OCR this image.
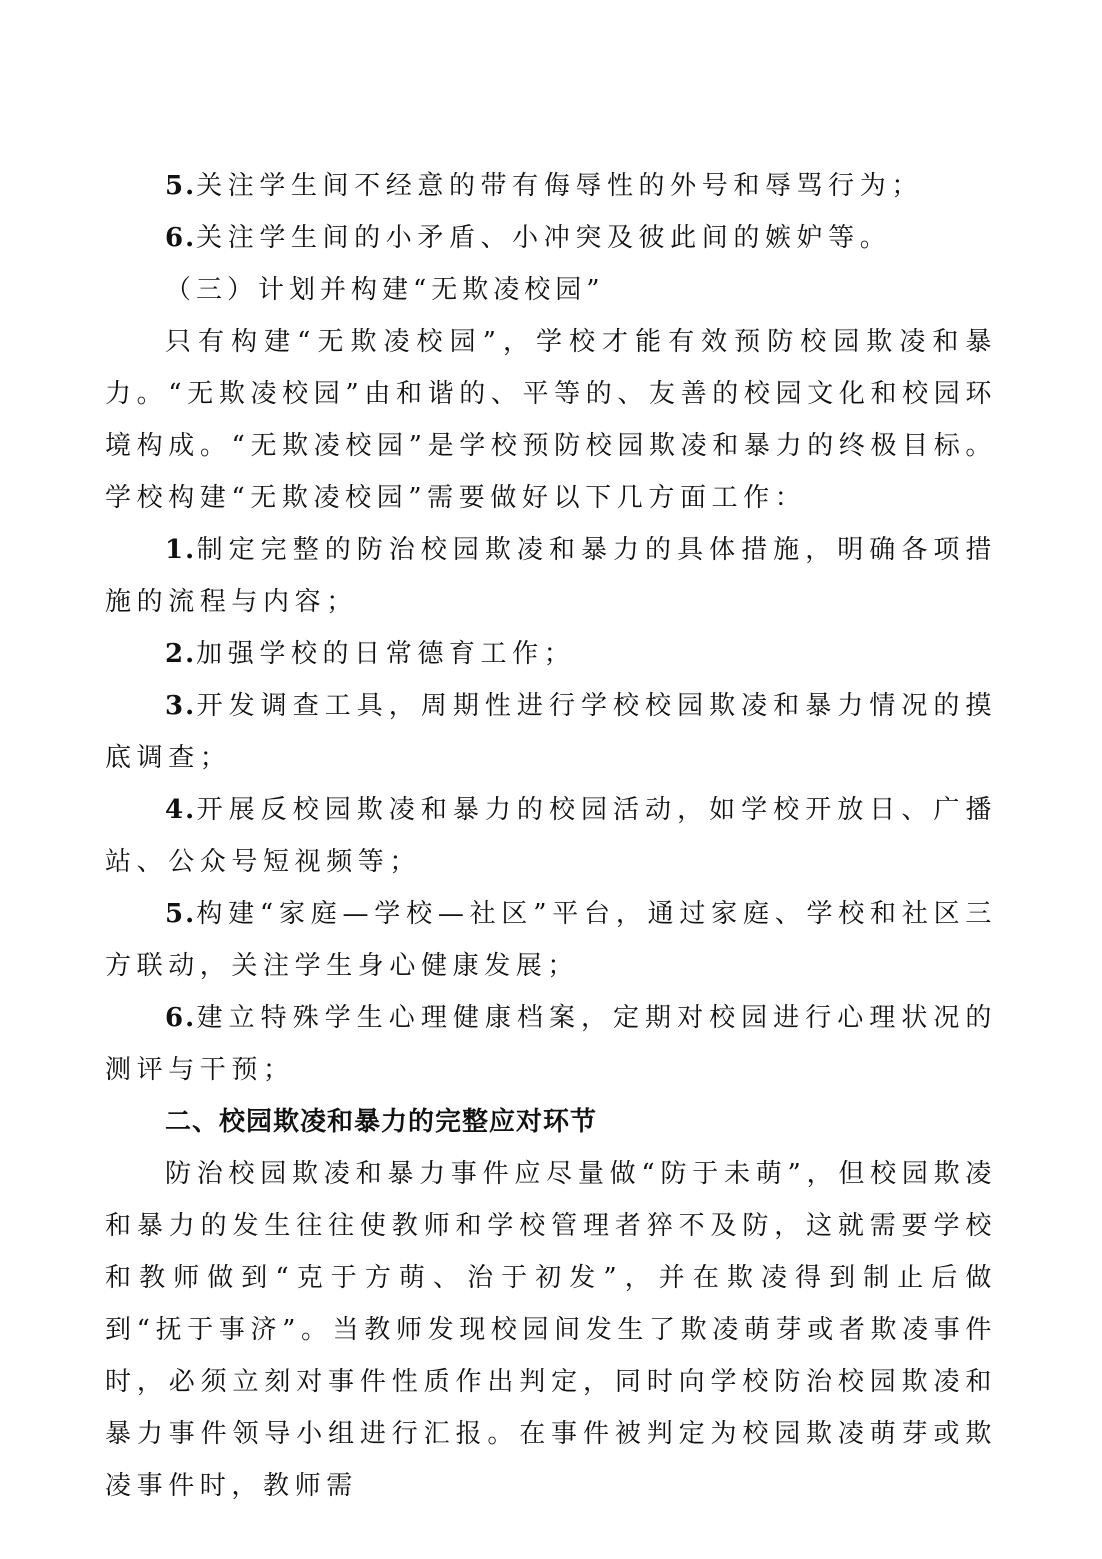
5.关注学生间不经意的带有侮辱性的外号和辱骂行为；

6.关注学生间的小矛盾、小冲突及彼此间的嫉妒等。

（三）计划并构建“无欺凌校园”

只有构建“无欺凌校园”，学校才能有效预防校园欺凌和暴力。“无欺凌校园”由和谐的、平等的、友善的校园文化和校园环境构成。“无欺凌校园”是学校预防校园欺凌和暴力的终极目标。学校构建“无欺凌校园”需要做好以下几方面工作：

1.制定完整的防治校园欺凌和暴力的具体措施，明确各项措施的流程与内容；

2.加强学校的日常德育工作；

3.开发调查工具，周期性进行学校校园欺凌和暴力情况的摸底调查；

4.开展反校园欺凌和暴力的校园活动，如学校开放日、广播站、公众号短视频等；

5.构建“家庭—学校—社区”平台，通过家庭、学校和社区三方联动，关注学生身心健康发展；

6.建立特殊学生心理健康档案，定期对校园进行心理状况的测评与干预；

二、校园欺凌和暴力的完整应对环节

防治校园欺凌和暴力事件应尽量做“防于未萌”，但校园欺凌和暴力的发生往往使教师和学校管理者猝不及防，这就需要学校和教师做到“克于方萌、治于初发”，并在欺凌得到制止后做到“抚于事济”。当教师发现校园间发生了欺凌萌芽或者欺凌事件时，必须立刻对事件性质作出判定，同时向学校防治校园欺凌和暴力事件领导小组进行汇报。在事件被判定为校园欺凌萌芽或欺凌事件时，教师需
